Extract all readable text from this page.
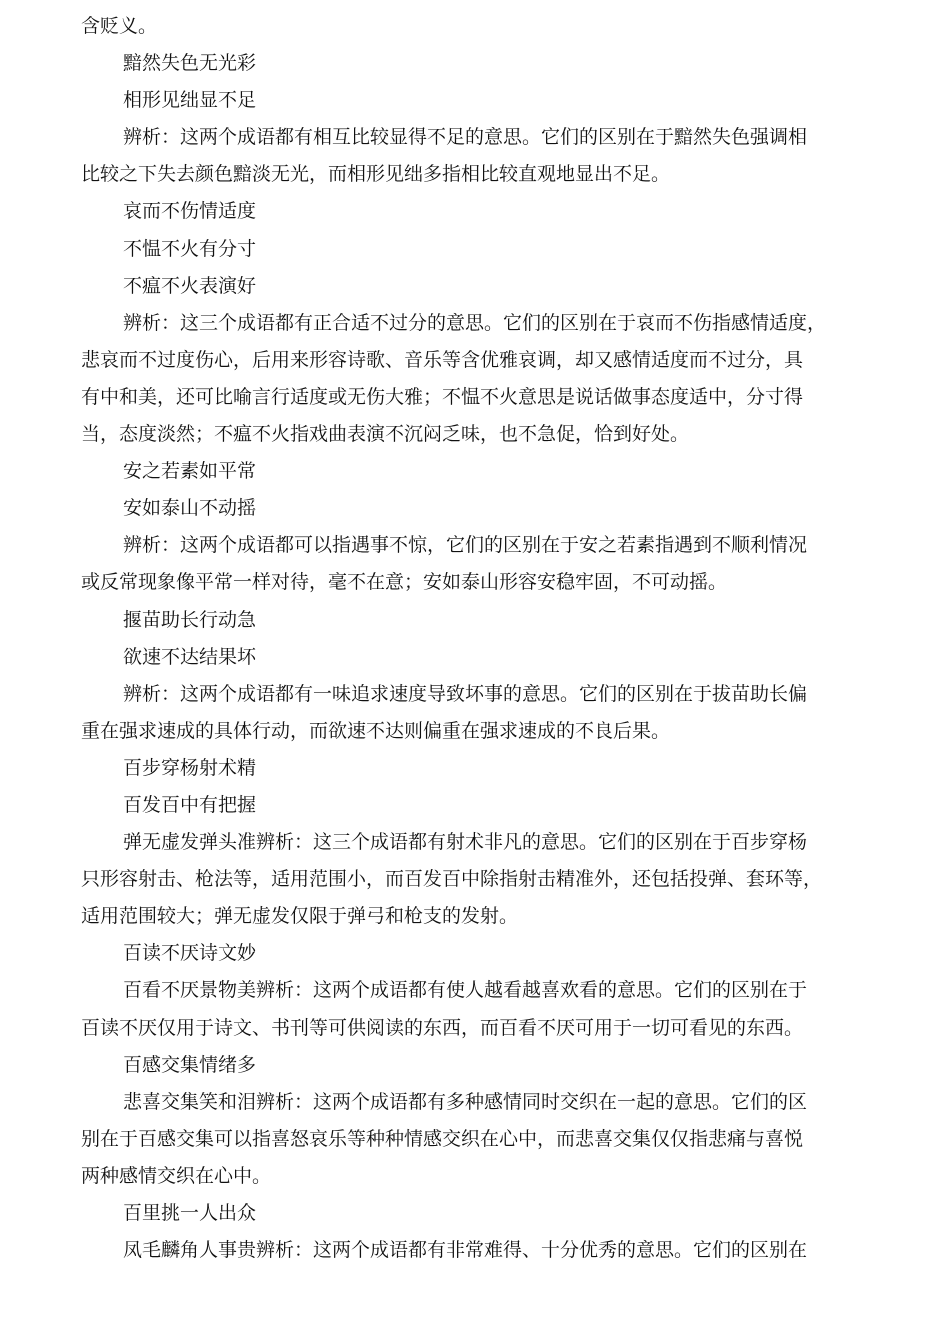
含贬义。
黯然失色无光彩
相形见绌显不足
辨析：这两个成语都有相互比较显得不足的意思。它们的区别在于黯然失色强调相
比较之下失去颜色黯淡无光，而相形见绌多指相比较直观地显出不足。
哀而不伤情适度
不愠不火有分寸
不瘟不火表演好
辨析：这三个成语都有正合适不过分的意思。它们的区别在于哀而不伤指感情适度，
悲哀而不过度伤心，后用来形容诗歌、音乐等含优雅哀调，却又感情适度而不过分，具
有中和美，还可比喻言行适度或无伤大雅；不愠不火意思是说话做事态度适中，分寸得
当，态度淡然；不瘟不火指戏曲表演不沉闷乏味，也不急促，恰到好处。
安之若素如平常
安如泰山不动摇
辨析：这两个成语都可以指遇事不惊，它们的区别在于安之若素指遇到不顺利情况
或反常现象像平常一样对待，毫不在意；安如泰山形容安稳牢固，不可动摇。
揠苗助长行动急
欲速不达结果坏
辨析：这两个成语都有一味追求速度导致坏事的意思。它们的区别在于拔苗助长偏
重在强求速成的具体行动，而欲速不达则偏重在强求速成的不良后果。
百步穿杨射术精
百发百中有把握
弹无虚发弹头准辨析：这三个成语都有射术非凡的意思。它们的区别在于百步穿杨
只形容射击、枪法等，适用范围小，而百发百中除指射击精准外，还包括投弹、套环等，
适用范围较大；弹无虚发仅限于弹弓和枪支的发射。
百读不厌诗文妙
百看不厌景物美辨析：这两个成语都有使人越看越喜欢看的意思。它们的区别在于
百读不厌仅用于诗文、书刊等可供阅读的东西，而百看不厌可用于一切可看见的东西。
百感交集情绪多
悲喜交集笑和泪辨析：这两个成语都有多种感情同时交织在一起的意思。它们的区
别在于百感交集可以指喜怒哀乐等种种情感交织在心中，而悲喜交集仅仅指悲痛与喜悦
两种感情交织在心中。
百里挑一人出众
凤毛麟角人事贵辨析：这两个成语都有非常难得、十分优秀的意思。它们的区别在
